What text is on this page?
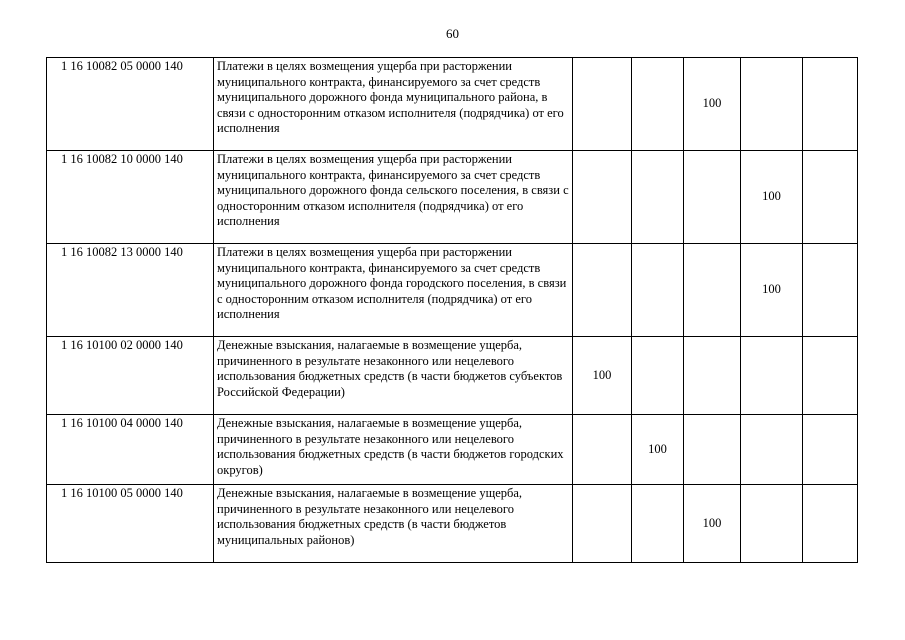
60
1 16 10082 05 0000 140	Платежи в целях возмещения ущерба при расторжении муниципального контракта, финансируемого за счет средств муниципального дорожного фонда муниципального района, в связи с односторонним отказом исполнителя (подрядчика) от его исполнения			100		
1 16 10082 10 0000 140	Платежи в целях возмещения ущерба при расторжении муниципального контракта, финансируемого за счет средств муниципального дорожного фонда сельского поселения, в связи с односторонним отказом исполнителя (подрядчика) от его исполнения				100	
1 16 10082 13 0000 140	Платежи в целях возмещения ущерба при расторжении муниципального контракта, финансируемого за счет средств муниципального дорожного фонда городского поселения, в связи с односторонним отказом исполнителя (подрядчика) от его исполнения				100	
1 16 10100 02 0000 140	Денежные взыскания, налагаемые в возмещение ущерба, причиненного в результате незаконного или нецелевого использования бюджетных средств (в части бюджетов субъектов Российской Федерации)	100				
1 16 10100 04 0000 140	Денежные взыскания, налагаемые в возмещение ущерба, причиненного в результате незаконного или нецелевого использования бюджетных средств (в части бюджетов городских округов)		100			
1 16 10100 05 0000 140	Денежные взыскания, налагаемые в возмещение ущерба, причиненного в результате незаконного или нецелевого использования бюджетных средств (в части бюджетов муниципальных районов)			100		
